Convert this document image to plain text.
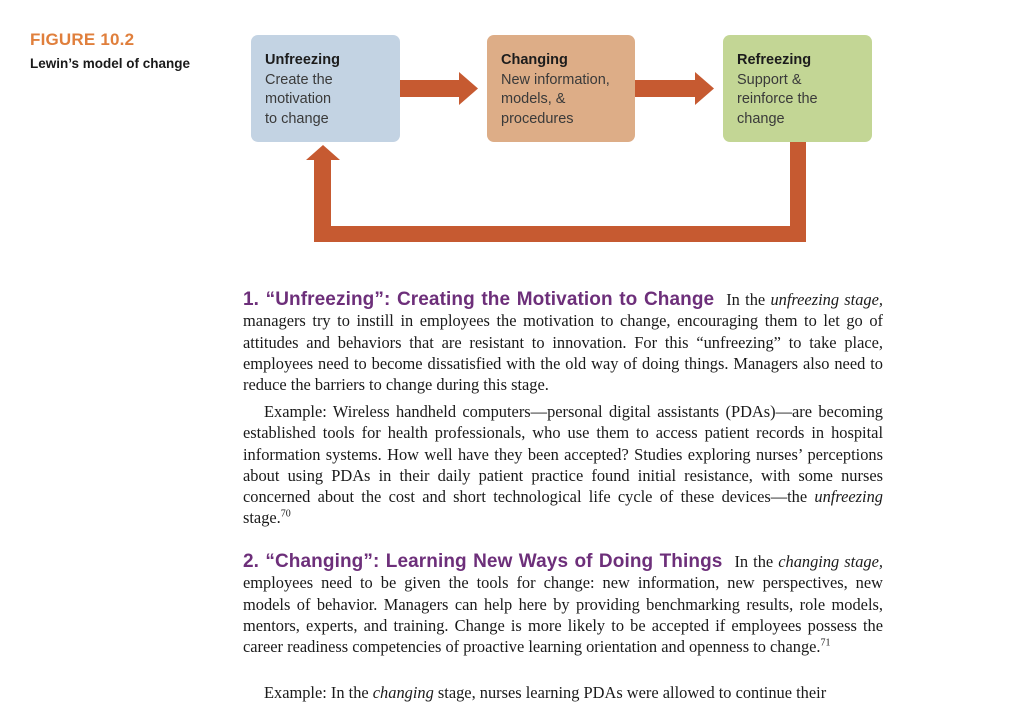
FIGURE 10.2
Lewin’s model of change	Unfreezing
Create the
motivation
to change
Changing
New information,
models, &
procedures
Refreezing
Support &
reinforce the
change

1. “Unfreezing”: Creating the Motivation to Change In the unfreezing stage, managers try to instill in employees the motivation to change, encouraging them to let go of attitudes and behaviors that are resistant to innovation. For this “unfreezing” to take place, employees need to become dissatisfied with the old way of doing things. Managers also need to reduce the barriers to change during this stage.

Example: Wireless handheld computers—personal digital assistants (PDAs)—are becoming established tools for health professionals, who use them to access patient records in hospital information systems. How well have they been accepted? Studies exploring nurses’ perceptions about using PDAs in their daily patient practice found initial resistance, with some nurses concerned about the cost and short technological life cycle of these devices—the unfreezing stage.$^{70}$

2. “Changing”: Learning New Ways of Doing Things In the changing stage, employees need to be given the tools for change: new information, new perspectives, new models of behavior. Managers can help here by providing benchmarking results, role models, mentors, experts, and training. Change is more likely to be accepted if employees possess the career readiness competencies of proactive learning orientation and openness to change.$^{71}$

Example: In the changing stage, nurses learning PDAs were allowed to continue their
